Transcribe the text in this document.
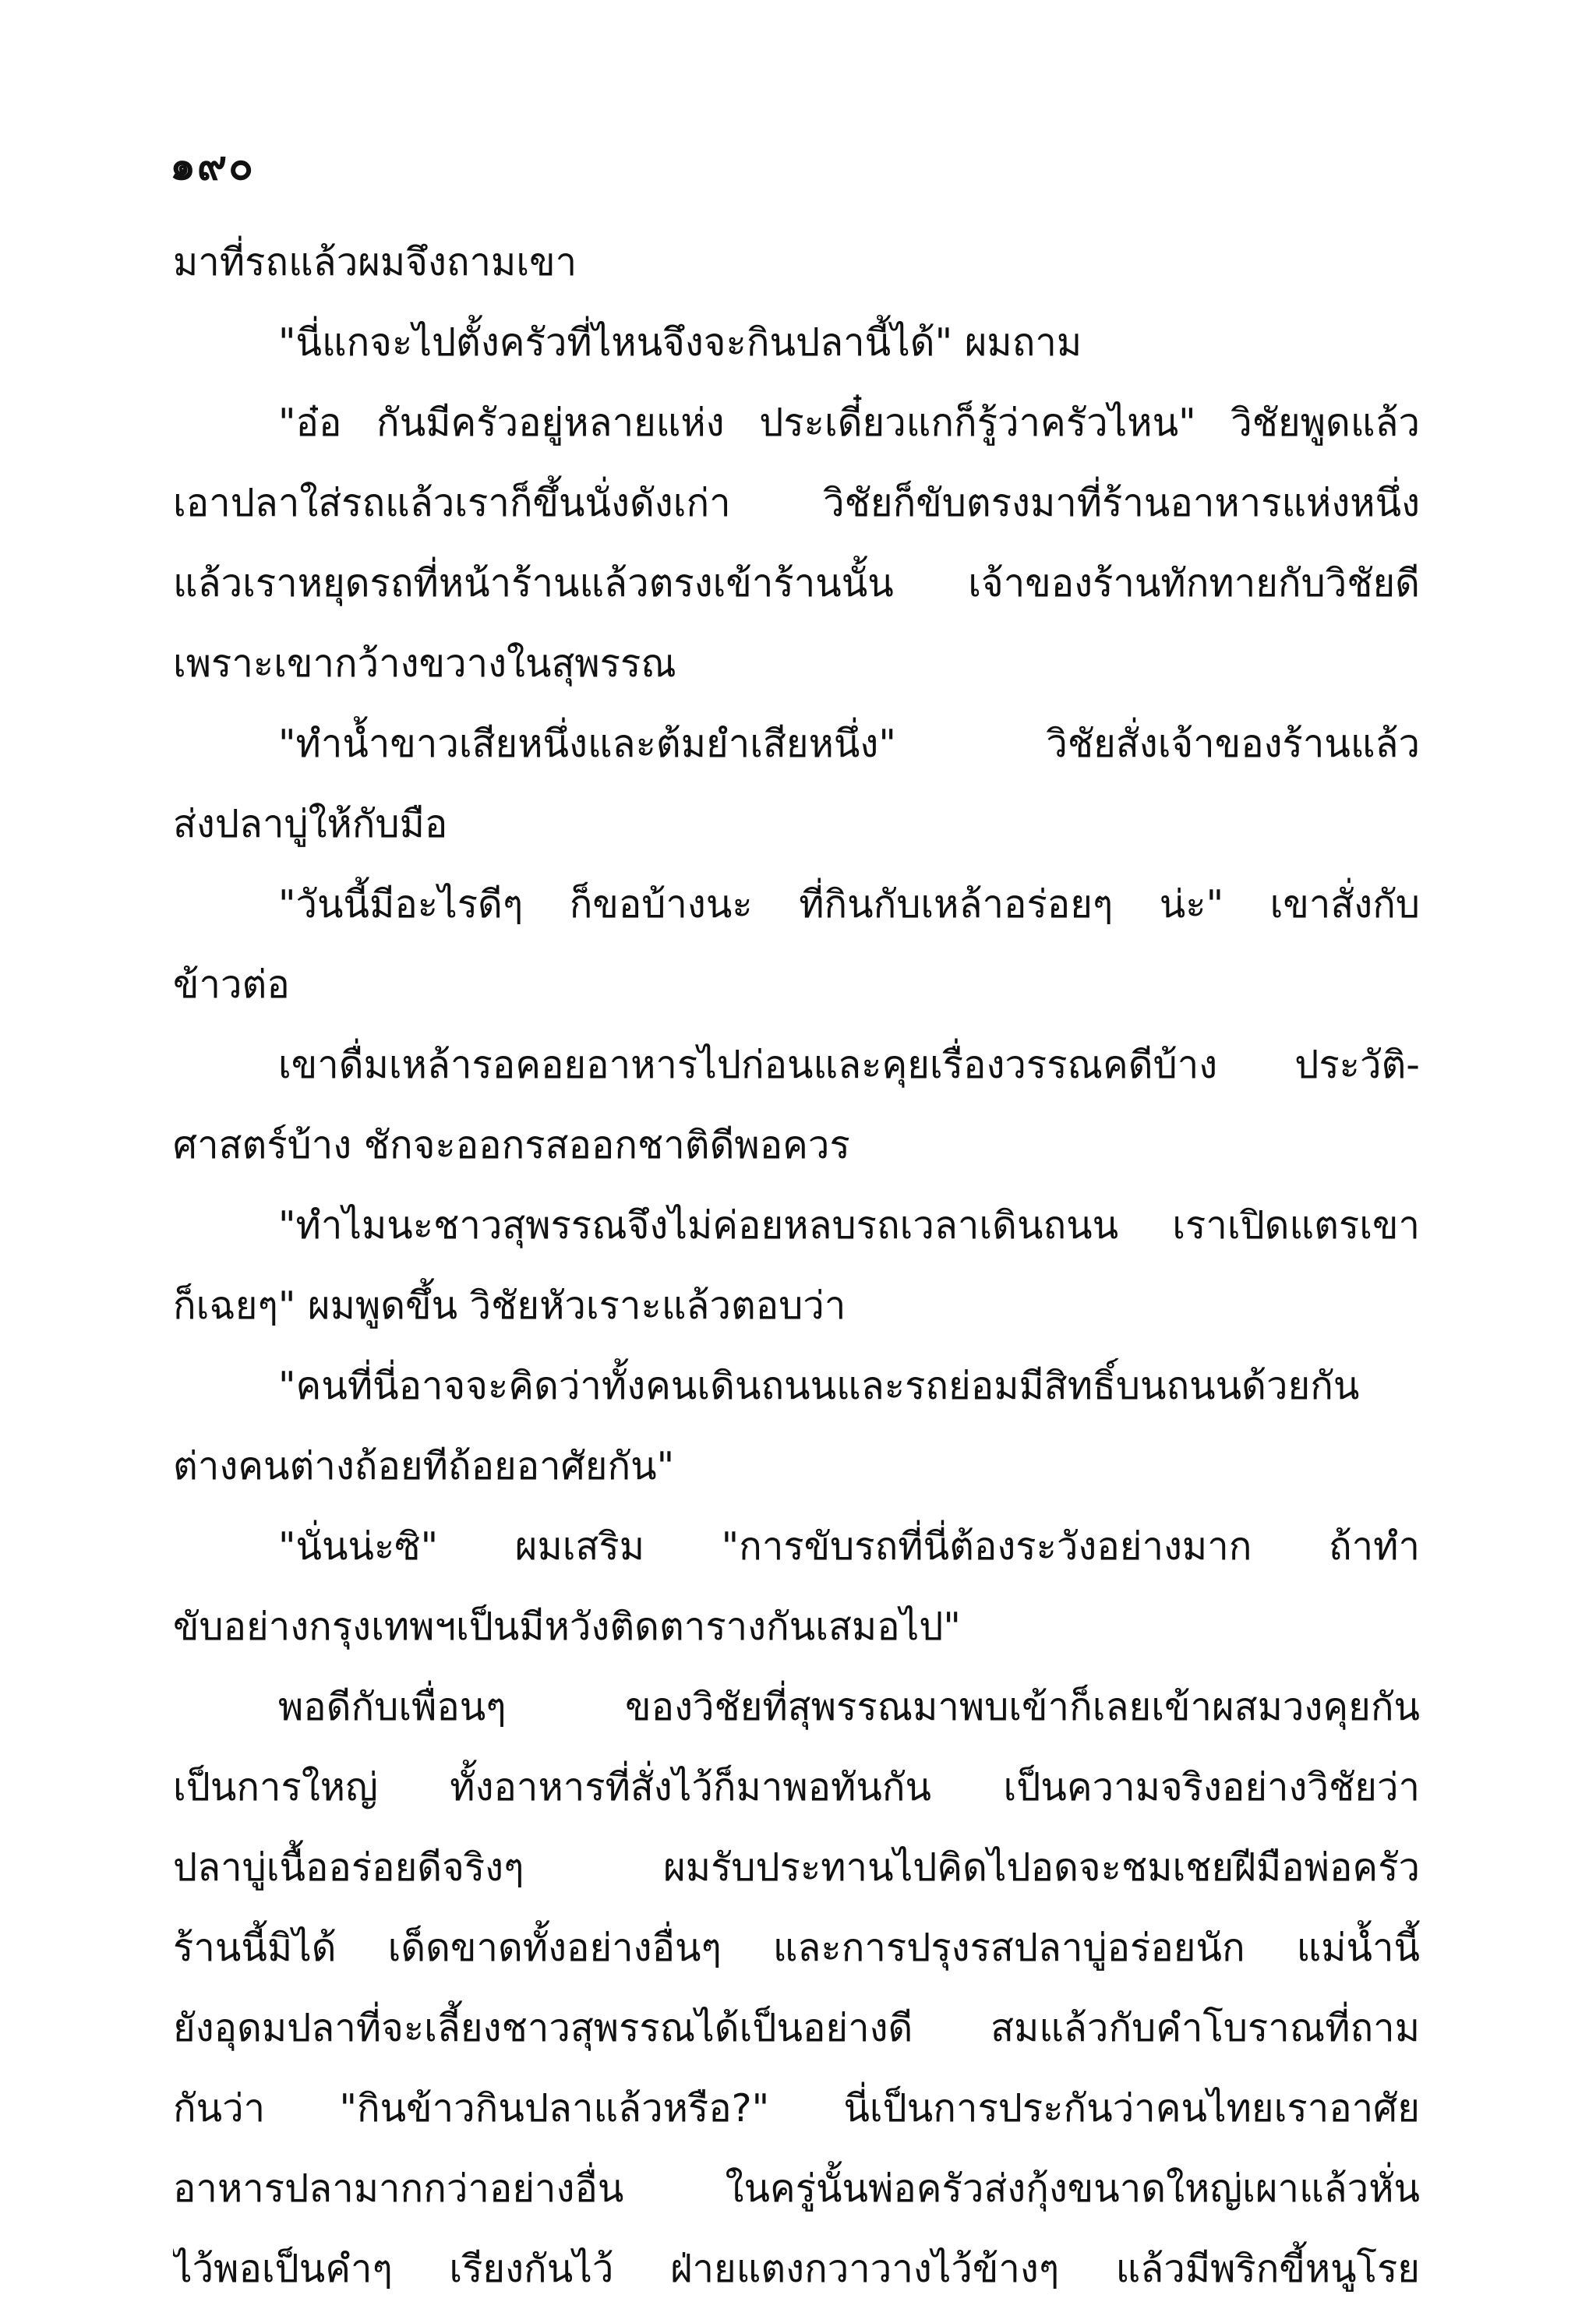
๑๙๐
มาที่รถแล้วผมจึงถามเขา
"นี่แกจะไปตั้งครัวที่ไหนจึงจะกินปลานี้ได้" ผมถาม
"อ๋อ กันมีครัวอยู่หลายแห่ง ประเดี๋ยวแกก็รู้ว่าครัวไหน" วิชัยพูดแล้ว
เอาปลาใส่รถแล้วเราก็ขึ้นนั่งดังเก่า วิชัยก็ขับตรงมาที่ร้านอาหารแห่งหนึ่ง
แล้วเราหยุดรถที่หน้าร้านแล้วตรงเข้าร้านนั้น เจ้าของร้านทักทายกับวิชัยดี
เพราะเขากว้างขวางในสุพรรณ
"ทำน้ำขาวเสียหนึ่งและต้มยำเสียหนึ่ง" วิชัยสั่งเจ้าของร้านแล้ว
ส่งปลาบู่ให้กับมือ
"วันนี้มีอะไรดีๆ ก็ขอบ้างนะ ที่กินกับเหล้าอร่อยๆ น่ะ" เขาสั่งกับ
ข้าวต่อ
เขาดื่มเหล้ารอคอยอาหารไปก่อนและคุยเรื่องวรรณคดีบ้าง ประวัติ-
ศาสตร์บ้าง ชักจะออกรสออกชาติดีพอควร
"ทำไมนะชาวสุพรรณจึงไม่ค่อยหลบรถเวลาเดินถนน เราเปิดแตรเขา
ก็เฉยๆ" ผมพูดขึ้น วิชัยหัวเราะแล้วตอบว่า
"คนที่นี่อาจจะคิดว่าทั้งคนเดินถนนและรถย่อมมีสิทธิ์บนถนนด้วยกัน
ต่างคนต่างถ้อยทีถ้อยอาศัยกัน"
"นั่นน่ะซิ" ผมเสริม "การขับรถที่นี่ต้องระวังอย่างมาก ถ้าทำ
ขับอย่างกรุงเทพฯเป็นมีหวังติดตารางกันเสมอไป"
พอดีกับเพื่อนๆ ของวิชัยที่สุพรรณมาพบเข้าก็เลยเข้าผสมวงคุยกัน
เป็นการใหญ่ ทั้งอาหารที่สั่งไว้ก็มาพอทันกัน เป็นความจริงอย่างวิชัยว่า
ปลาบู่เนื้ออร่อยดีจริงๆ ผมรับประทานไปคิดไปอดจะชมเชยฝีมือพ่อครัว
ร้านนี้มิได้ เด็ดขาดทั้งอย่างอื่นๆ และการปรุงรสปลาบู่อร่อยนัก แม่น้ำนี้
ยังอุดมปลาที่จะเลี้ยงชาวสุพรรณได้เป็นอย่างดี สมแล้วกับคำโบราณที่ถาม
กันว่า "กินข้าวกินปลาแล้วหรือ?" นี่เป็นการประกันว่าคนไทยเราอาศัย
อาหารปลามากกว่าอย่างอื่น ในครู่นั้นพ่อครัวส่งกุ้งขนาดใหญ่เผาแล้วหั่น
ไว้พอเป็นคำๆ เรียงกันไว้ ฝ่ายแตงกวาวางไว้ข้างๆ แล้วมีพริกขี้หนูโรย
